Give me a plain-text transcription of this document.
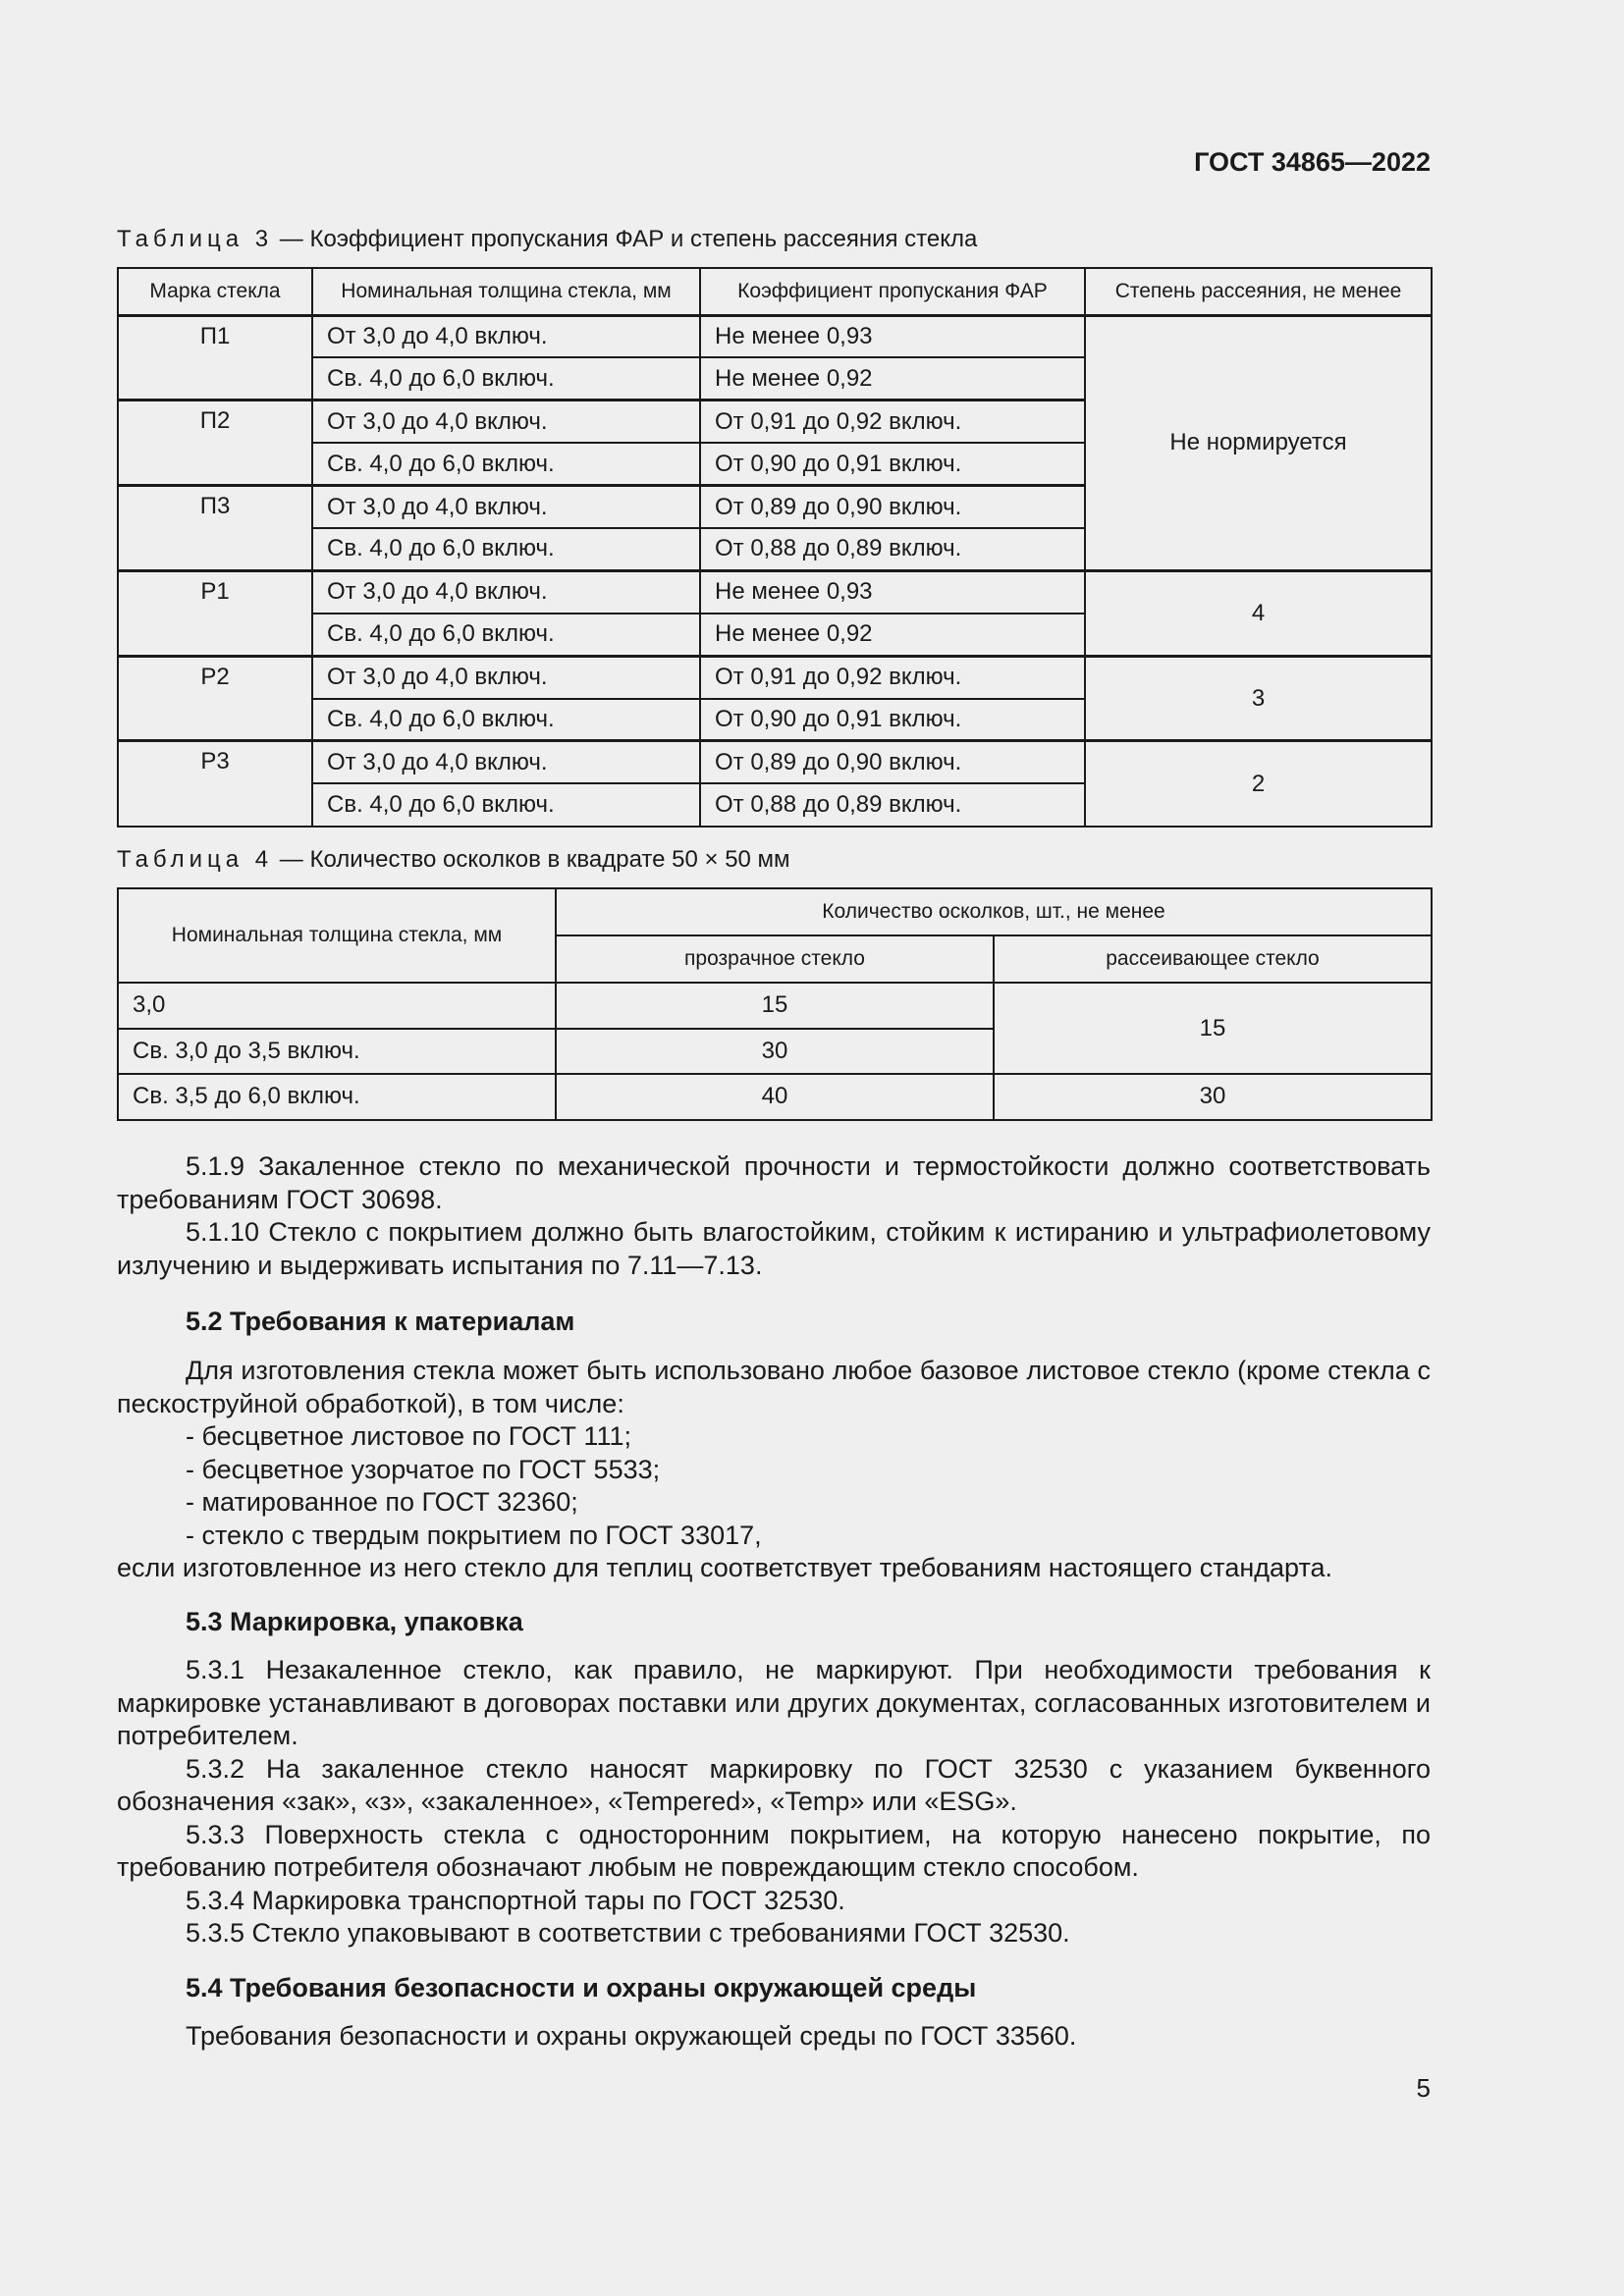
ГОСТ 34865—2022
Таблица 3 — Коэффициент пропускания ФАР и степень рассеяния стекла
Марка стекла	Номинальная толщина стекла, мм	Коэффициент пропускания ФАР	Степень рассеяния, не менее
П1	От 3,0 до 4,0 включ.	Не менее 0,93	Не нормируется
	Св. 4,0 до 6,0 включ.	Не менее 0,92	
П2	От 3,0 до 4,0 включ.	От 0,91 до 0,92 включ.	
	Св. 4,0 до 6,0 включ.	От 0,90 до 0,91 включ.	
П3	От 3,0 до 4,0 включ.	От 0,89 до 0,90 включ.	
	Св. 4,0 до 6,0 включ.	От 0,88 до 0,89 включ.	
Р1	От 3,0 до 4,0 включ.	Не менее 0,93	4
	Св. 4,0 до 6,0 включ.	Не менее 0,92	
Р2	От 3,0 до 4,0 включ.	От 0,91 до 0,92 включ.	3
	Св. 4,0 до 6,0 включ.	От 0,90 до 0,91 включ.	
Р3	От 3,0 до 4,0 включ.	От 0,89 до 0,90 включ.	2
	Св. 4,0 до 6,0 включ.	От 0,88 до 0,89 включ.	
Таблица 4 — Количество осколков в квадрате 50 × 50 мм
Номинальная толщина стекла, мм	Количество осколков, шт., не менее	
	прозрачное стекло	рассеивающее стекло
3,0	15	15
Св. 3,0 до 3,5 включ.	30	
Св. 3,5 до 6,0 включ.	40	30

5.1.9 Закаленное стекло по механической прочности и термостойкости должно соответствовать требованиям ГОСТ 30698.

5.1.10 Стекло с покрытием должно быть влагостойким, стойким к истиранию и ультрафиолетовому излучению и выдерживать испытания по 7.11—7.13.

5.2 Требования к материалам

Для изготовления стекла может быть использовано любое базовое листовое стекло (кроме стекла с пескоструйной обработкой), в том числе:

- бесцветное листовое по ГОСТ 111;

- бесцветное узорчатое по ГОСТ 5533;

- матированное по ГОСТ 32360;

- стекло с твердым покрытием по ГОСТ 33017,

если изготовленное из него стекло для теплиц соответствует требованиям настоящего стандарта.

5.3 Маркировка, упаковка

5.3.1 Незакаленное стекло, как правило, не маркируют. При необходимости требования к маркировке устанавливают в договорах поставки или других документах, согласованных изготовителем и потребителем.

5.3.2 На закаленное стекло наносят маркировку по ГОСТ 32530 с указанием буквенного обозначения «зак», «з», «закаленное», «Tempered», «Temp» или «ESG».

5.3.3 Поверхность стекла с односторонним покрытием, на которую нанесено покрытие, по требованию потребителя обозначают любым не повреждающим стекло способом.

5.3.4 Маркировка транспортной тары по ГОСТ 32530.

5.3.5 Стекло упаковывают в соответствии с требованиями ГОСТ 32530.

5.4 Требования безопасности и охраны окружающей среды

Требования безопасности и охраны окружающей среды по ГОСТ 33560.

5
